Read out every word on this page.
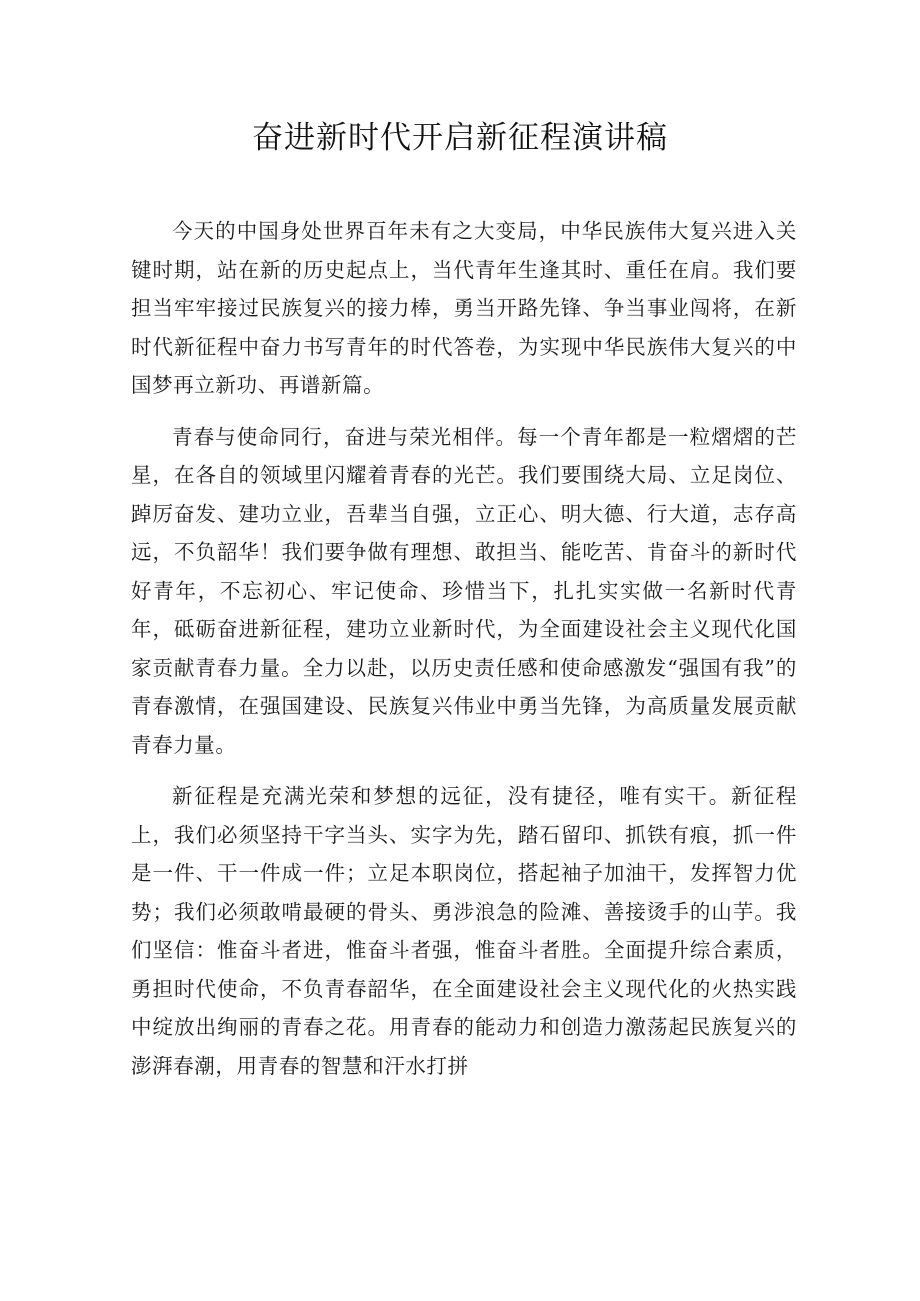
奋进新时代开启新征程演讲稿

今天的中国身处世界百年未有之大变局，中华民族伟大复兴进入关键时期，站在新的历史起点上，当代青年生逢其时、重任在肩。我们要担当牢牢接过民族复兴的接力棒，勇当开路先锋、争当事业闯将，在新时代新征程中奋力书写青年的时代答卷，为实现中华民族伟大复兴的中国梦再立新功、再谱新篇。

青春与使命同行，奋进与荣光相伴。每一个青年都是一粒熠熠的芒星，在各自的领域里闪耀着青春的光芒。我们要围绕大局、立足岗位、踔厉奋发、建功立业，吾辈当自强，立正心、明大德、行大道，志存高远，不负韶华！我们要争做有理想、敢担当、能吃苦、肯奋斗的新时代好青年，不忘初心、牢记使命、珍惜当下，扎扎实实做一名新时代青年，砥砺奋进新征程，建功立业新时代，为全面建设社会主义现代化国家贡献青春力量。全力以赴，以历史责任感和使命感激发“强国有我”的青春激情，在强国建设、民族复兴伟业中勇当先锋，为高质量发展贡献青春力量。

新征程是充满光荣和梦想的远征，没有捷径，唯有实干。新征程上，我们必须坚持干字当头、实字为先，踏石留印、抓铁有痕，抓一件是一件、干一件成一件；立足本职岗位，搭起袖子加油干，发挥智力优势；我们必须敢啃最硬的骨头、勇涉浪急的险滩、善接烫手的山芋。我们坚信：惟奋斗者进，惟奋斗者强，惟奋斗者胜。全面提升综合素质，勇担时代使命，不负青春韶华，在全面建设社会主义现代化的火热实践中绽放出绚丽的青春之花。用青春的能动力和创造力激荡起民族复兴的澎湃春潮，用青春的智慧和汗水打拼
